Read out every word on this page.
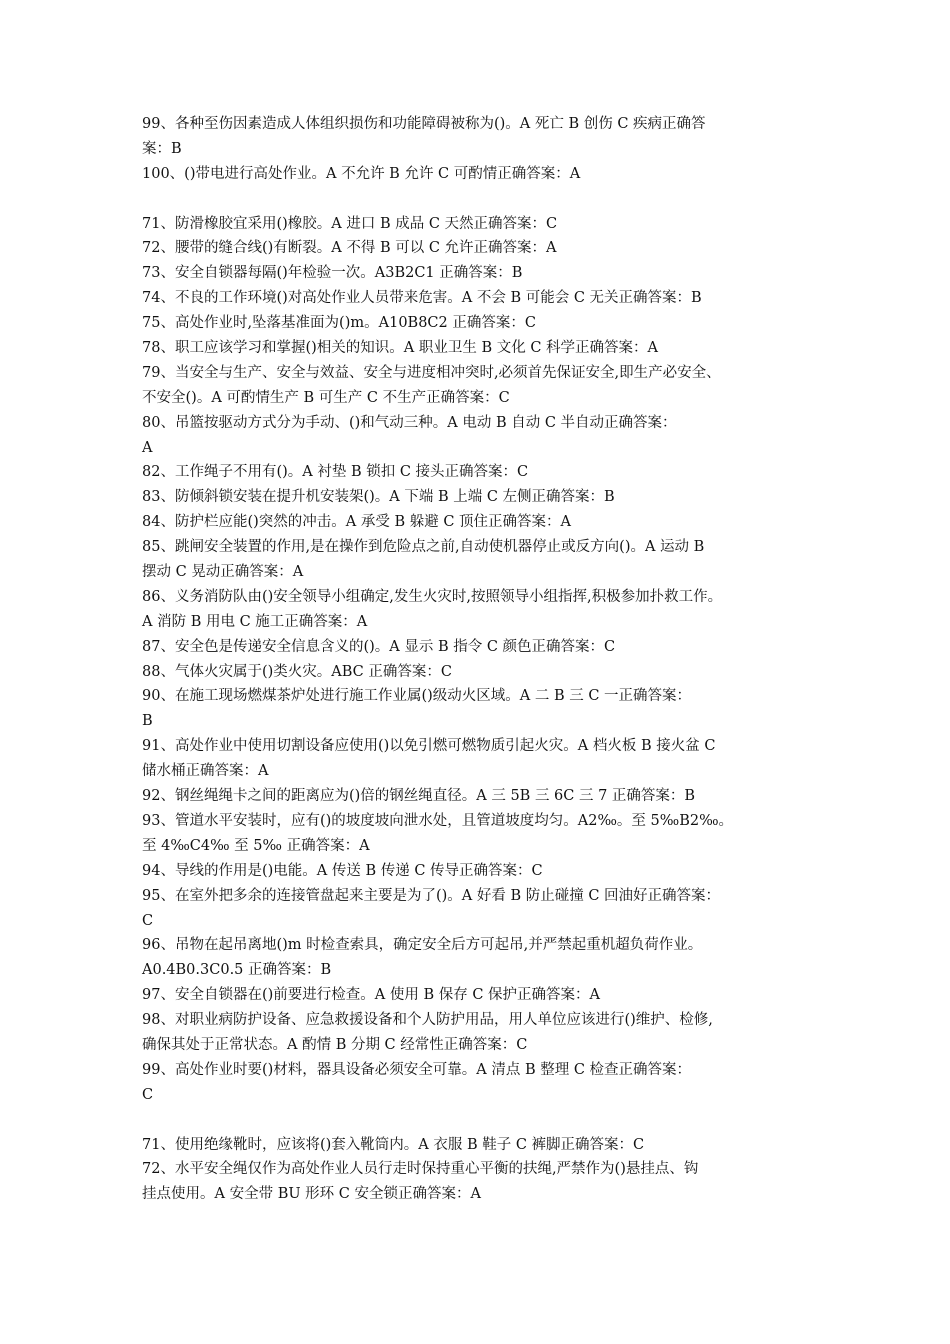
99、各种至伤因素造成人体组织损伤和功能障碍被称为()。A 死亡 B 创伤 C 疾病正确答
案：B
100、()带电进行高处作业。A 不允许 B 允许 C 可酌情正确答案：A
71、防滑橡胶宜采用()橡胶。A 进口 B 成品 C 天然正确答案：C
72、腰带的缝合线()有断裂。A 不得 B 可以 C 允许正确答案：A
73、安全自锁器每隔()年检验一次。A3B2C1 正确答案：B
74、不良的工作环境()对高处作业人员带来危害。A 不会 B 可能会 C 无关正确答案：B
75、高处作业时,坠落基准面为()m。A10B8C2 正确答案：C
78、职工应该学习和掌握()相关的知识。A 职业卫生 B 文化 C 科学正确答案：A
79、当安全与生产、安全与效益、安全与进度相冲突时,必须首先保证安全,即生产必安全、
不安全()。A 可酌情生产 B 可生产 C 不生产正确答案：C
80、吊篮按驱动方式分为手动、()和气动三种。A 电动 B 自动 C 半自动正确答案：
A
82、工作绳子不用有()。A 衬垫 B 锁扣 C 接头正确答案：C
83、防倾斜锁安装在提升机安装架()。A 下端 B 上端 C 左侧正确答案：B
84、防护栏应能()突然的冲击。A 承受 B 躲避 C 顶住正确答案：A
85、跳闸安全装置的作用,是在操作到危险点之前,自动使机器停止或反方向()。A 运动 B
摆动 C 晃动正确答案：A
86、义务消防队由()安全领导小组确定,发生火灾时,按照领导小组指挥,积极参加扑救工作。
A 消防 B 用电 C 施工正确答案：A
87、安全色是传递安全信息含义的()。A 显示 B 指令 C 颜色正确答案：C
88、气体火灾属于()类火灾。ABC 正确答案：C
90、在施工现场燃煤茶炉处进行施工作业属()级动火区域。A 二 B 三 C 一正确答案：
B
91、高处作业中使用切割设备应使用()以免引燃可燃物质引起火灾。A 档火板 B 接火盆 C
储水桶正确答案：A
92、钢丝绳绳卡之间的距离应为()倍的钢丝绳直径。A 三 5B 三 6C 三 7 正确答案：B
93、管道水平安装时，应有()的坡度坡向泄水处，且管道坡度均匀。A2‰。至 5‰B2‰。
至 4‰C4‰ 至 5‰ 正确答案：A
94、导线的作用是()电能。A 传送 B 传递 C 传导正确答案：C
95、在室外把多余的连接管盘起来主要是为了()。A 好看 B 防止碰撞 C 回油好正确答案：
C
96、吊物在起吊离地()m 时检查索具，确定安全后方可起吊,并严禁起重机超负荷作业。
A0.4B0.3C0.5 正确答案：B
97、安全自锁器在()前要进行检查。A 使用 B 保存 C 保护正确答案：A
98、对职业病防护设备、应急救援设备和个人防护用品，用人单位应该进行()维护、检修,
确保其处于正常状态。A 酌情 B 分期 C 经常性正确答案：C
99、高处作业时要()材料，器具设备必须安全可靠。A 清点 B 整理 C 检查正确答案：
C
71、使用绝缘靴时，应该将()套入靴筒内。A 衣服 B 鞋子 C 裤脚正确答案：C
72、水平安全绳仅作为高处作业人员行走时保持重心平衡的扶绳,严禁作为()悬挂点、钩
挂点使用。A 安全带 BU 形环 C 安全锁正确答案：A
